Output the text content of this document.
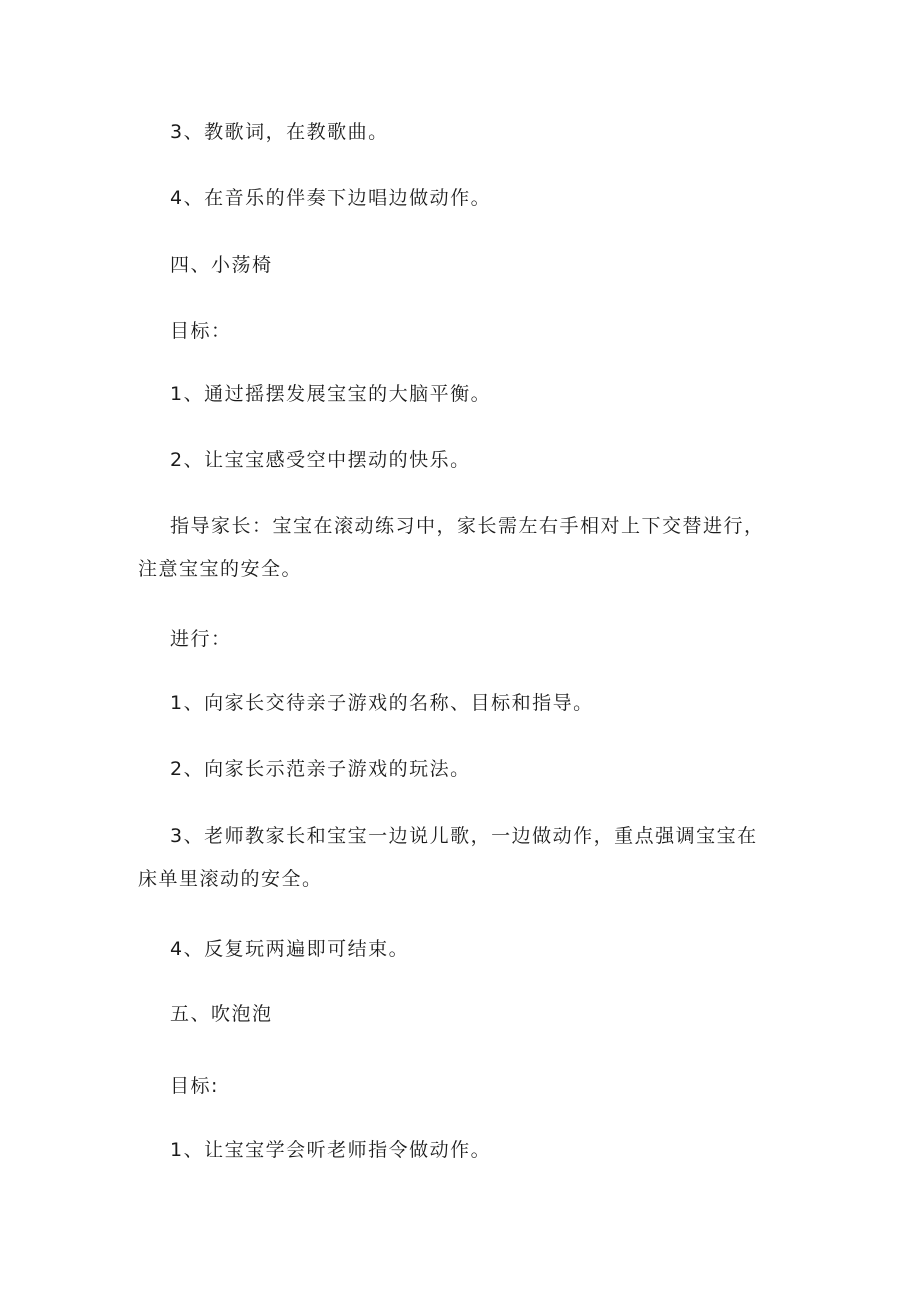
3、教歌词，在教歌曲。

4、在音乐的伴奏下边唱边做动作。

四、小荡椅

目标：

1、通过摇摆发展宝宝的大脑平衡。

2、让宝宝感受空中摆动的快乐。

指导家长：宝宝在滚动练习中，家长需左右手相对上下交替进行，注意宝宝的安全。

进行：

1、向家长交待亲子游戏的名称、目标和指导。

2、向家长示范亲子游戏的玩法。

3、老师教家长和宝宝一边说儿歌，一边做动作，重点强调宝宝在床单里滚动的安全。

4、反复玩两遍即可结束。

五、吹泡泡

目标:

1、让宝宝学会听老师指令做动作。
